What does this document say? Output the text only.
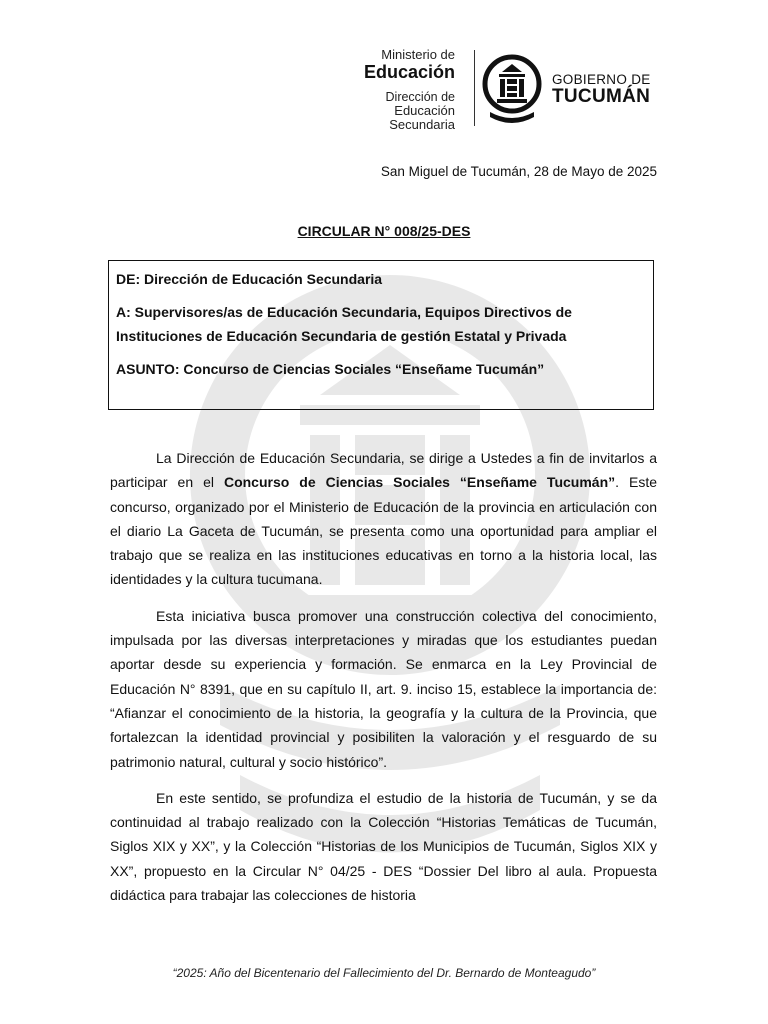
Ministerio de
Educación
Dirección de
Educación Secundaria
GOBIERNO DE
TUCUMÁN
San Miguel de Tucumán, 28 de Mayo de 2025
CIRCULAR N° 008/25-DES

DE: Dirección de Educación Secundaria

A: Supervisores/as de Educación Secundaria, Equipos Directivos de Instituciones de Educación Secundaria de gestión Estatal y Privada

ASUNTO: Concurso de Ciencias Sociales “Enseñame Tucumán”

La Dirección de Educación Secundaria, se dirige a Ustedes a fin de invitarlos a participar en el Concurso de Ciencias Sociales “Enseñame Tucumán”. Este concurso, organizado por el Ministerio de Educación de la provincia en articulación con el diario La Gaceta de Tucumán, se presenta como una oportunidad para ampliar el trabajo que se realiza en las instituciones educativas en torno a la historia local, las identidades y la cultura tucumana.

Esta iniciativa busca promover una construcción colectiva del conocimiento, impulsada por las diversas interpretaciones y miradas que los estudiantes puedan aportar desde su experiencia y formación. Se enmarca en la Ley Provincial de Educación N° 8391, que en su capítulo II, art. 9. inciso 15, establece la importancia de: “Afianzar el conocimiento de la historia, la geografía y la cultura de la Provincia, que fortalezcan la identidad provincial y posibiliten la valoración y el resguardo de su patrimonio natural, cultural y socio histórico”.

En este sentido, se profundiza el estudio de la historia de Tucumán, y se da continuidad al trabajo realizado con la Colección “Historias Temáticas de Tucumán, Siglos XIX y XX”, y la Colección “Historias de los Municipios de Tucumán, Siglos XIX y XX”, propuesto en la Circular N° 04/25 - DES “Dossier Del libro al aula. Propuesta didáctica para trabajar las colecciones de historia

“2025: Año del Bicentenario del Fallecimiento del Dr. Bernardo de Monteagudo”
